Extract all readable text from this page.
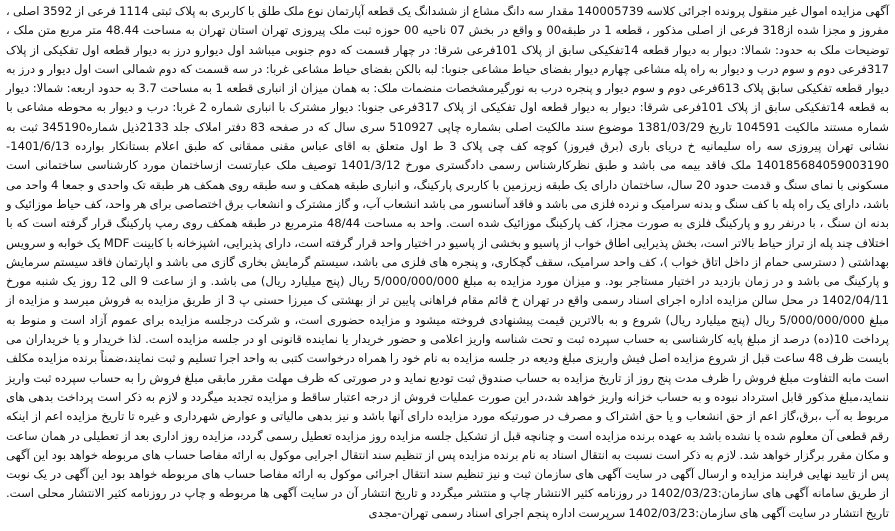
آگهی مزایده اموال غیر منقول پرونده اجرائی کلاسه 140005739 مقدار سه دانگ مشاع از ششدانگ یک قطعه آپارتمان نوع ملک طلق با کاربری به پلاک ثبتی 1114 فرعی از 3592 اصلی ، مفروز و مجزا شده از318 فرعی از اصلی مذکور ، قطعه 1 در طبقه00 و واقع در بخش 07 ناحیه 00 حوزه ثبت ملک پیروزی تهران استان تهران به مساحت 48.44 متر مربع متن ملک ، توضیحات ملک به حدود: شمالا: دیوار به دیوار قطعه 14تفکیکی سابق از پلاک 101فرعی شرقا: در چهار قسمت که دوم جنوبی میباشد اول دیوارو درز به دیوار قطعه اول تفکیکی از پلاک 317فرعی دوم و سوم درب و دیوار به راه پله مشاعی چهارم دیوار بفضای حیاط مشاعی جنوبا: لبه بالکن بفضای حیاط مشاعی غربا: در سه قسمت که دوم شمالی است اول دیوار و درز به دیوار قطعه تفکیکی سابق پلاک 613فرعی دوم و سوم دیوار و پنجره درب به نورگیرمشخصات منضمات ملک: به همان میزان از انباری قطعه 1 به مساحت 3.7 به حدود اربعه: شمالا: دیوار به قطعه 14تفکیکی سابق از پلاک 101فرعی شرقا: دیوار به دیوار قطعه اول تفکیکی از پلاک 317فرعی جنوبا: دیوار مشترک با انباری شماره 2 غربا: درب و دیوار به محوطه مشاعی با شماره مستند مالکیت 104591 تاریخ 1381/03/29 موضوع سند مالکیت اصلی بشماره چاپی 510927 سری سال که در صفحه 83 دفتر املاک جلد 2133ذیل شماره345190 ثبت به نشانی تهران پیروزی سه راه سلیمانیه خ دریای باری (برق فیروز) کوچه کف چی پلاک 3 ط اول متعلق به اقای عباس مقنی ممقانی که طبق اعلام بستانکار بوارده 1401/6/13-140185684059003190 ملک فاقد بیمه می باشد و طبق نظرکارشناس رسمی دادگستری مورخ 1401/3/12 توصیف ملک عبارتست ازساختمان مورد کارشناسی ساختمانی است مسکونی با نمای سنگ و قدمت حدود 20 سال، ساختمان دارای یک طبقه زیرزمین با کاربری پارکینگ، و انباری طبقه همکف و سه طبقه روی همکف هر طبقه تک واحدی و جمعا 4 واحد می باشد، دارای یک راه پله با کف سنگ و بدنه سرامیک و نرده فلزی می باشد و فاقد آسانسور می باشد انشعاب آب، و گاز مشترک و انشعاب برق اختصاصی برای هر واحد، کف حیاط موزائیک و بدنه ان سنگ ، با درنفر رو و پارکینگ فلزی به صورت مجزا، کف پارکینگ موزائیک شده است. واحد به مساحت 48/44 مترمربع در طبقه همکف روی رمپ پارکینگ قرار گرفته است که با اختلاف چند پله از تراز حیاط بالاتر است، بخش پذیرایی اطاق خواب از پاسیو و بخشی از پاسیو در اختیار واحد قرار گرفته است، دارای پذیرایی، اشپزخانه با کابینت MDF یک خوابه و سرویس بهداشتی ( دسترسی حمام از داخل اتاق خواب )، کف واحد سرامیک، سقف گچکاری، و پنجره های فلزی می باشد، سیستم گرمایش بخاری گازی می باشد و اپارتمان فاقد سیستم سرمایش و پارکینگ می باشد و در زمان بازدید در اختیار مستاجر بود. و میزان مورد مزایده به مبلغ 5/000/000/000 ریال (پنج میلیارد ریال) می باشد. و از ساعت 9 الی 12 روز یک شنبه مورخ 1402/04/11 در محل سالن مزایده اداره اجرای اسناد رسمی واقع در تهران خ قائم مقام فراهانی پایین تر از بهشتی ک میرزا حسنی پ 3 از طریق مزایده به فروش میرسد و مزایده از مبلغ 5/000/000/000 ریال (پنج میلیارد ریال) شروع و به بالاترین قیمت پیشنهادی فروخته میشود و مزایده حضوری است، و شرکت درجلسه مزایده برای عموم آزاد است و منوط به پرداخت 10(ده) درصد از مبلغ پایه کارشناسی به حساب سپرده ثبت و تحت شناسه واریز اعلامی و حضور خریدار یا نماینده قانونی او در جلسه مزایده است. لذا خریدار و یا خریداران می بایست ظرف 48 ساعت قبل از شروع مزایده اصل فیش واریزی مبلغ ودیعه در جلسه مزایده به نام خود را همراه درخواست کتبی به واحد اجرا تسلیم و ثبت نمایند،ضمناً برنده مزایده مکلف است مابه التفاوت مبلغ فروش را ظرف مدت پنج روز از تاریخ مزایده به حساب صندوق ثبت تودیع نماید و در صورتی که ظرف مهلت مقرر مابقی مبلغ فروش را به حساب سپرده ثبت واریز ننماید،مبلغ مذکور قابل استرداد نبوده و به حساب خزانه واریز خواهد شد،در این صورت عملیات فروش از درجه اعتبار ساقط و مزایده تجدید میگردد و لازم به ذکر است پرداخت بدهی های مربوط به آب ،برق،گاز اعم از حق انشعاب و یا حق اشتراک و مصرف در صورتیکه مورد مزایده دارای آنها باشد و نیز بدهی مالیاتی و عوارض شهرداری و غیره تا تاریخ مزایده اعم از اینکه رقم قطعی آن معلوم شده یا نشده باشد به عهده برنده مزایده است و چنانچه قبل از تشکیل جلسه مزایده روز مزایده تعطیل رسمی گردد، مزایده روز اداری بعد از تعطیلی در همان ساعت و مکان مقرر برگزار خواهد شد. لازم به ذکر است نسبت به انتقال اسناد به نام برنده مزایده پس از تنظیم سند انتقال اجرایی موکول به ارائه مفاصا حساب های مربوطه خواهد بود این آگهی پس از تایید نهایی فرایند مزایده و ارسال آگهی در سایت آگهی های سازمان ثبت و نیز تنظیم سند انتقال اجرائی موکول به ارائه مفاصا حساب های مربوطه خواهد بود این آگهی در یک نوبت از طریق سامانه آگهی های سازمان:1402/03/23 در روزنامه کثیر الانتشار چاپ و منتشر میگردد و تاریخ انتشار آن در سایت آگهی ها مربوطه و چاپ در روزنامه کثیر الانتشار محلی است. تاریخ انتشار در سایت آگهی های سازمان:1402/03/23 سرپرست اداره پنجم اجرای اسناد رسمی تهران-مجدی
